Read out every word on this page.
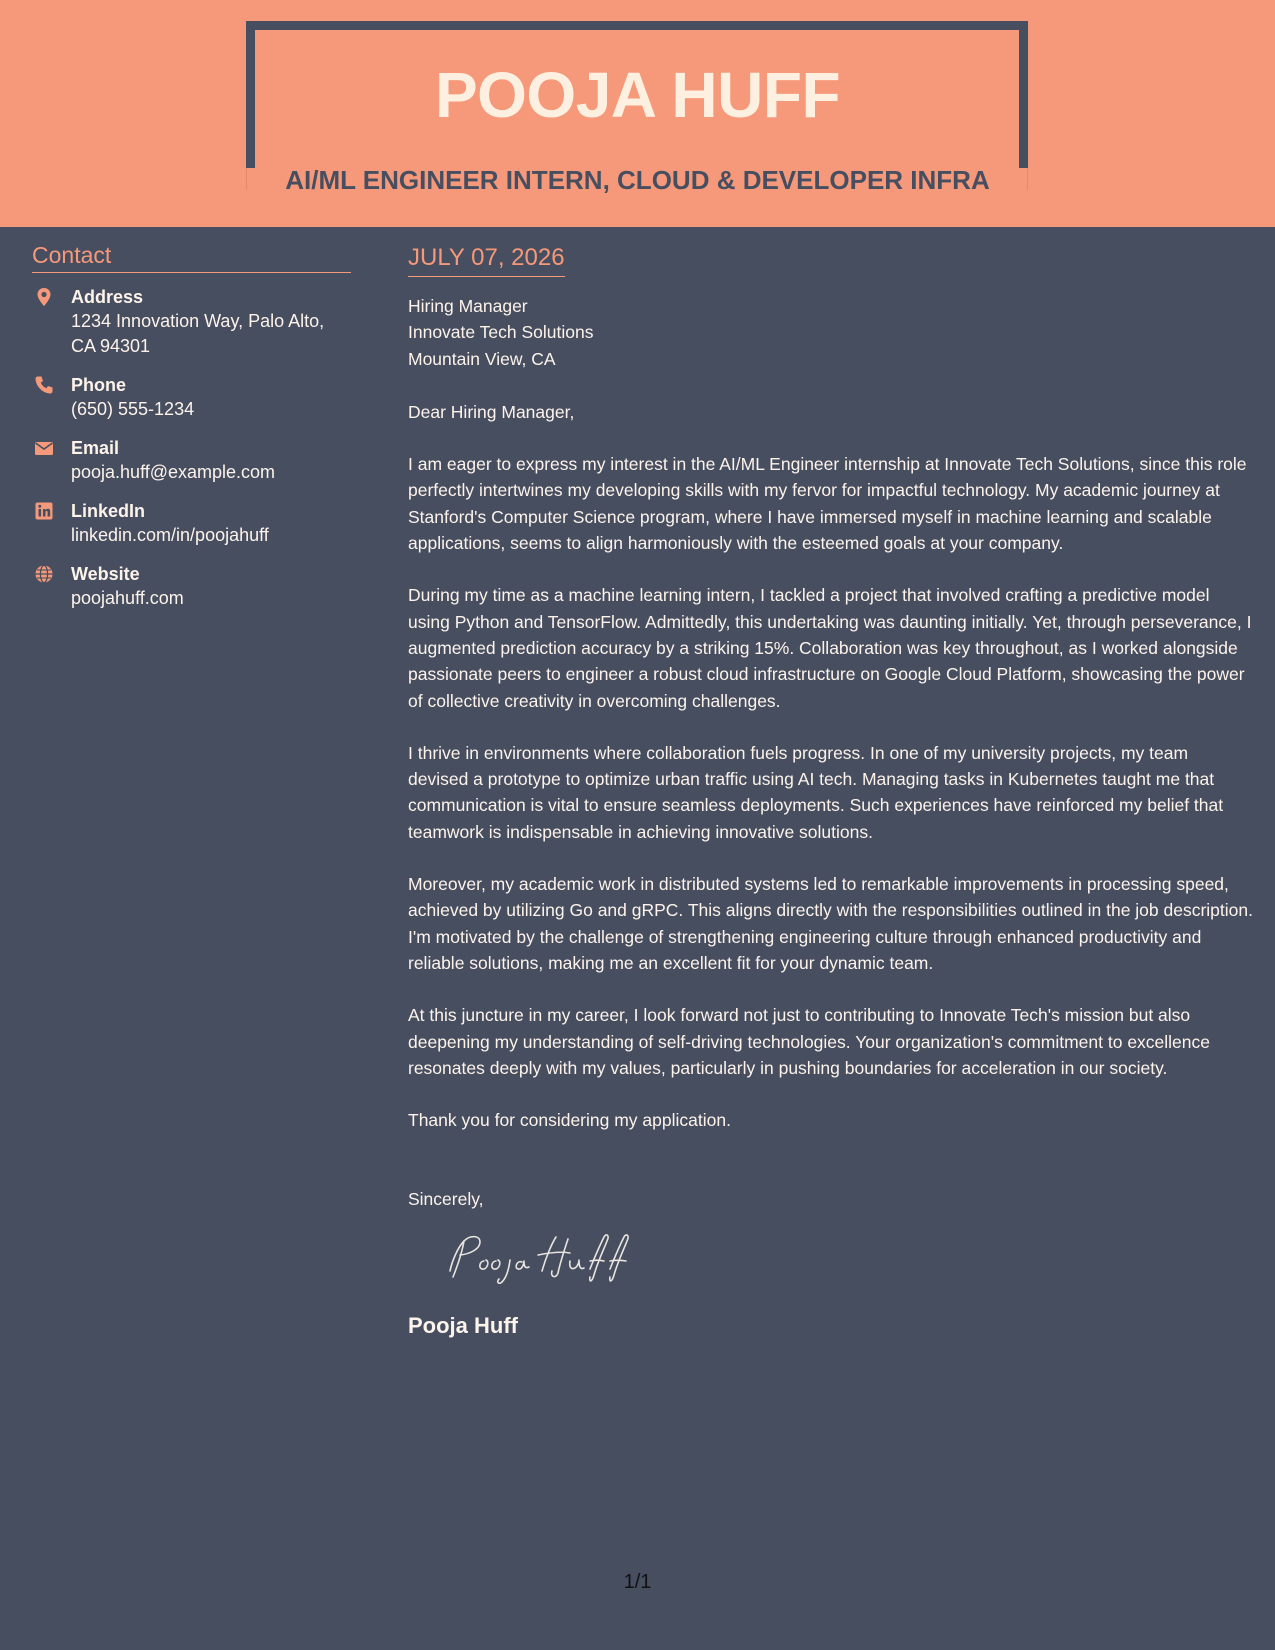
POOJA HUFF
AI/ML ENGINEER INTERN, CLOUD & DEVELOPER INFRA
Contact
Address
1234 Innovation Way, Palo Alto, CA 94301
Phone
(650) 555-1234
Email
pooja.huff@example.com
LinkedIn
linkedin.com/in/poojahuff
Website
poojahuff.com
JULY 07, 2026
Hiring Manager
Innovate Tech Solutions
Mountain View, CA
Dear Hiring Manager,
I am eager to express my interest in the AI/ML Engineer internship at Innovate Tech Solutions, since this role perfectly intertwines my developing skills with my fervor for impactful technology. My academic journey at Stanford's Computer Science program, where I have immersed myself in machine learning and scalable applications, seems to align harmoniously with the esteemed goals at your company.
During my time as a machine learning intern, I tackled a project that involved crafting a predictive model using Python and TensorFlow. Admittedly, this undertaking was daunting initially. Yet, through perseverance, I augmented prediction accuracy by a striking 15%. Collaboration was key throughout, as I worked alongside passionate peers to engineer a robust cloud infrastructure on Google Cloud Platform, showcasing the power of collective creativity in overcoming challenges.
I thrive in environments where collaboration fuels progress. In one of my university projects, my team devised a prototype to optimize urban traffic using AI tech. Managing tasks in Kubernetes taught me that communication is vital to ensure seamless deployments. Such experiences have reinforced my belief that teamwork is indispensable in achieving innovative solutions.
Moreover, my academic work in distributed systems led to remarkable improvements in processing speed, achieved by utilizing Go and gRPC. This aligns directly with the responsibilities outlined in the job description. I'm motivated by the challenge of strengthening engineering culture through enhanced productivity and reliable solutions, making me an excellent fit for your dynamic team.
At this juncture in my career, I look forward not just to contributing to Innovate Tech's mission but also deepening my understanding of self-driving technologies. Your organization's commitment to excellence resonates deeply with my values, particularly in pushing boundaries for acceleration in our society.
Thank you for considering my application.
Sincerely,
Pooja Huff
1/1
